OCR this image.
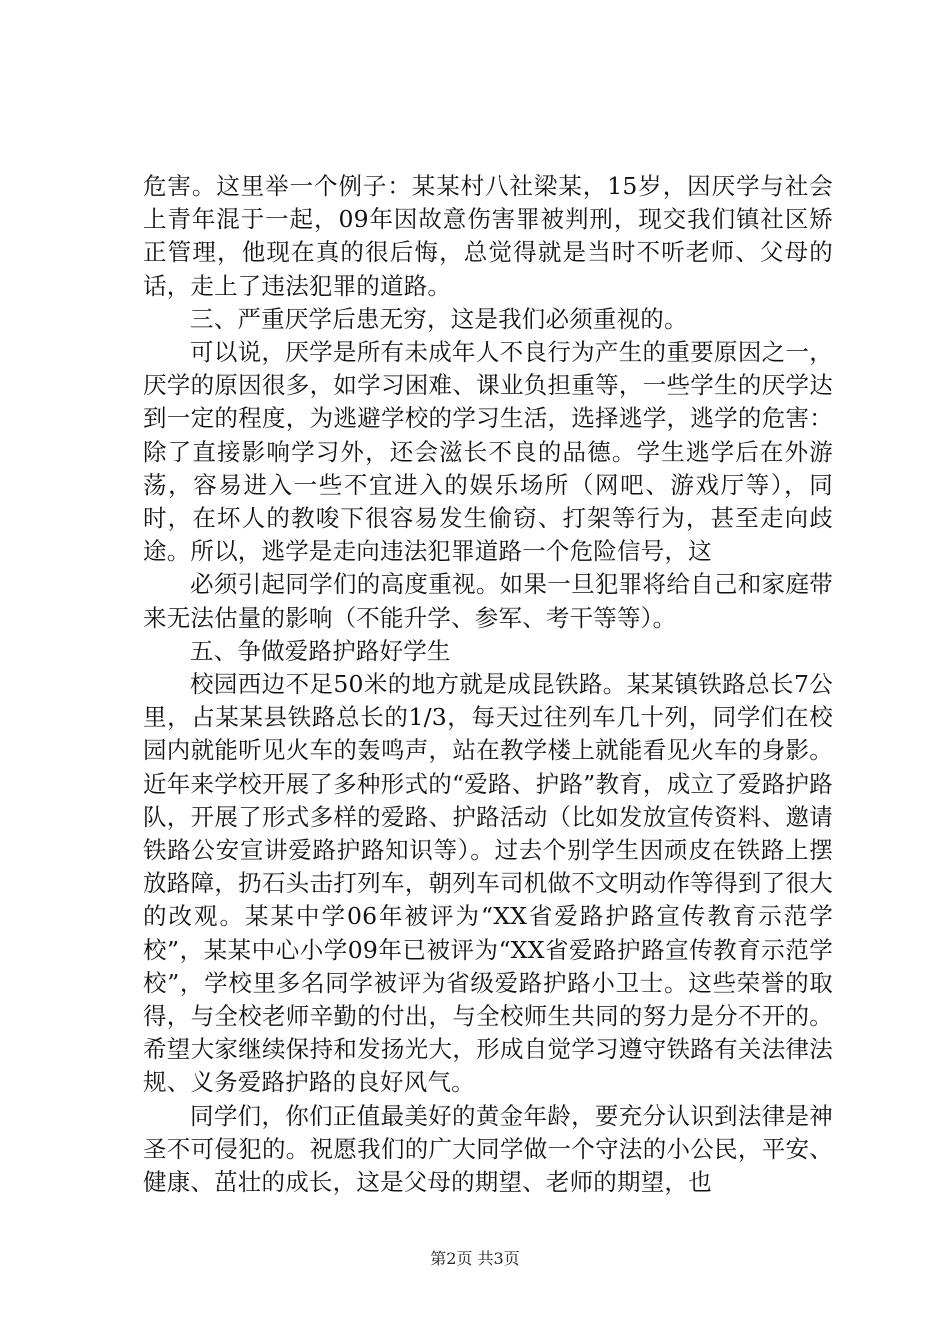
危害。这里举一个例子：某某村八社梁某，15岁，因厌学与社会上青年混于一起，09年因故意伤害罪被判刑，现交我们镇社区矫正管理，他现在真的很后悔，总觉得就是当时不听老师、父母的话，走上了违法犯罪的道路。

三、严重厌学后患无穷，这是我们必须重视的。

可以说，厌学是所有未成年人不良行为产生的重要原因之一，厌学的原因很多，如学习困难、课业负担重等，一些学生的厌学达到一定的程度，为逃避学校的学习生活，选择逃学，逃学的危害：除了直接影响学习外，还会滋长不良的品德。学生逃学后在外游荡，容易进入一些不宜进入的娱乐场所（网吧、游戏厅等），同时，在坏人的教唆下很容易发生偷窃、打架等行为，甚至走向歧途。所以，逃学是走向违法犯罪道路一个危险信号，这

必须引起同学们的高度重视。如果一旦犯罪将给自己和家庭带来无法估量的影响（不能升学、参军、考干等等）。

五、争做爱路护路好学生

校园西边不足50米的地方就是成昆铁路。某某镇铁路总长7公里，占某某县铁路总长的1/3，每天过往列车几十列，同学们在校园内就能听见火车的轰鸣声，站在教学楼上就能看见火车的身影。近年来学校开展了多种形式的“爱路、护路”教育，成立了爱路护路队，开展了形式多样的爱路、护路活动（比如发放宣传资料、邀请铁路公安宣讲爱路护路知识等）。过去个别学生因顽皮在铁路上摆放路障，扔石头击打列车，朝列车司机做不文明动作等得到了很大的改观。某某中学06年被评为“XX省爱路护路宣传教育示范学校”，某某中心小学09年已被评为“XX省爱路护路宣传教育示范学校”，学校里多名同学被评为省级爱路护路小卫士。这些荣誉的取得，与全校老师辛勤的付出，与全校师生共同的努力是分不开的。希望大家继续保持和发扬光大，形成自觉学习遵守铁路有关法律法规、义务爱路护路的良好风气。

同学们，你们正值最美好的黄金年龄，要充分认识到法律是神圣不可侵犯的。祝愿我们的广大同学做一个守法的小公民，平安、健康、茁壮的成长，这是父母的期望、老师的期望，也

第2页 共3页
